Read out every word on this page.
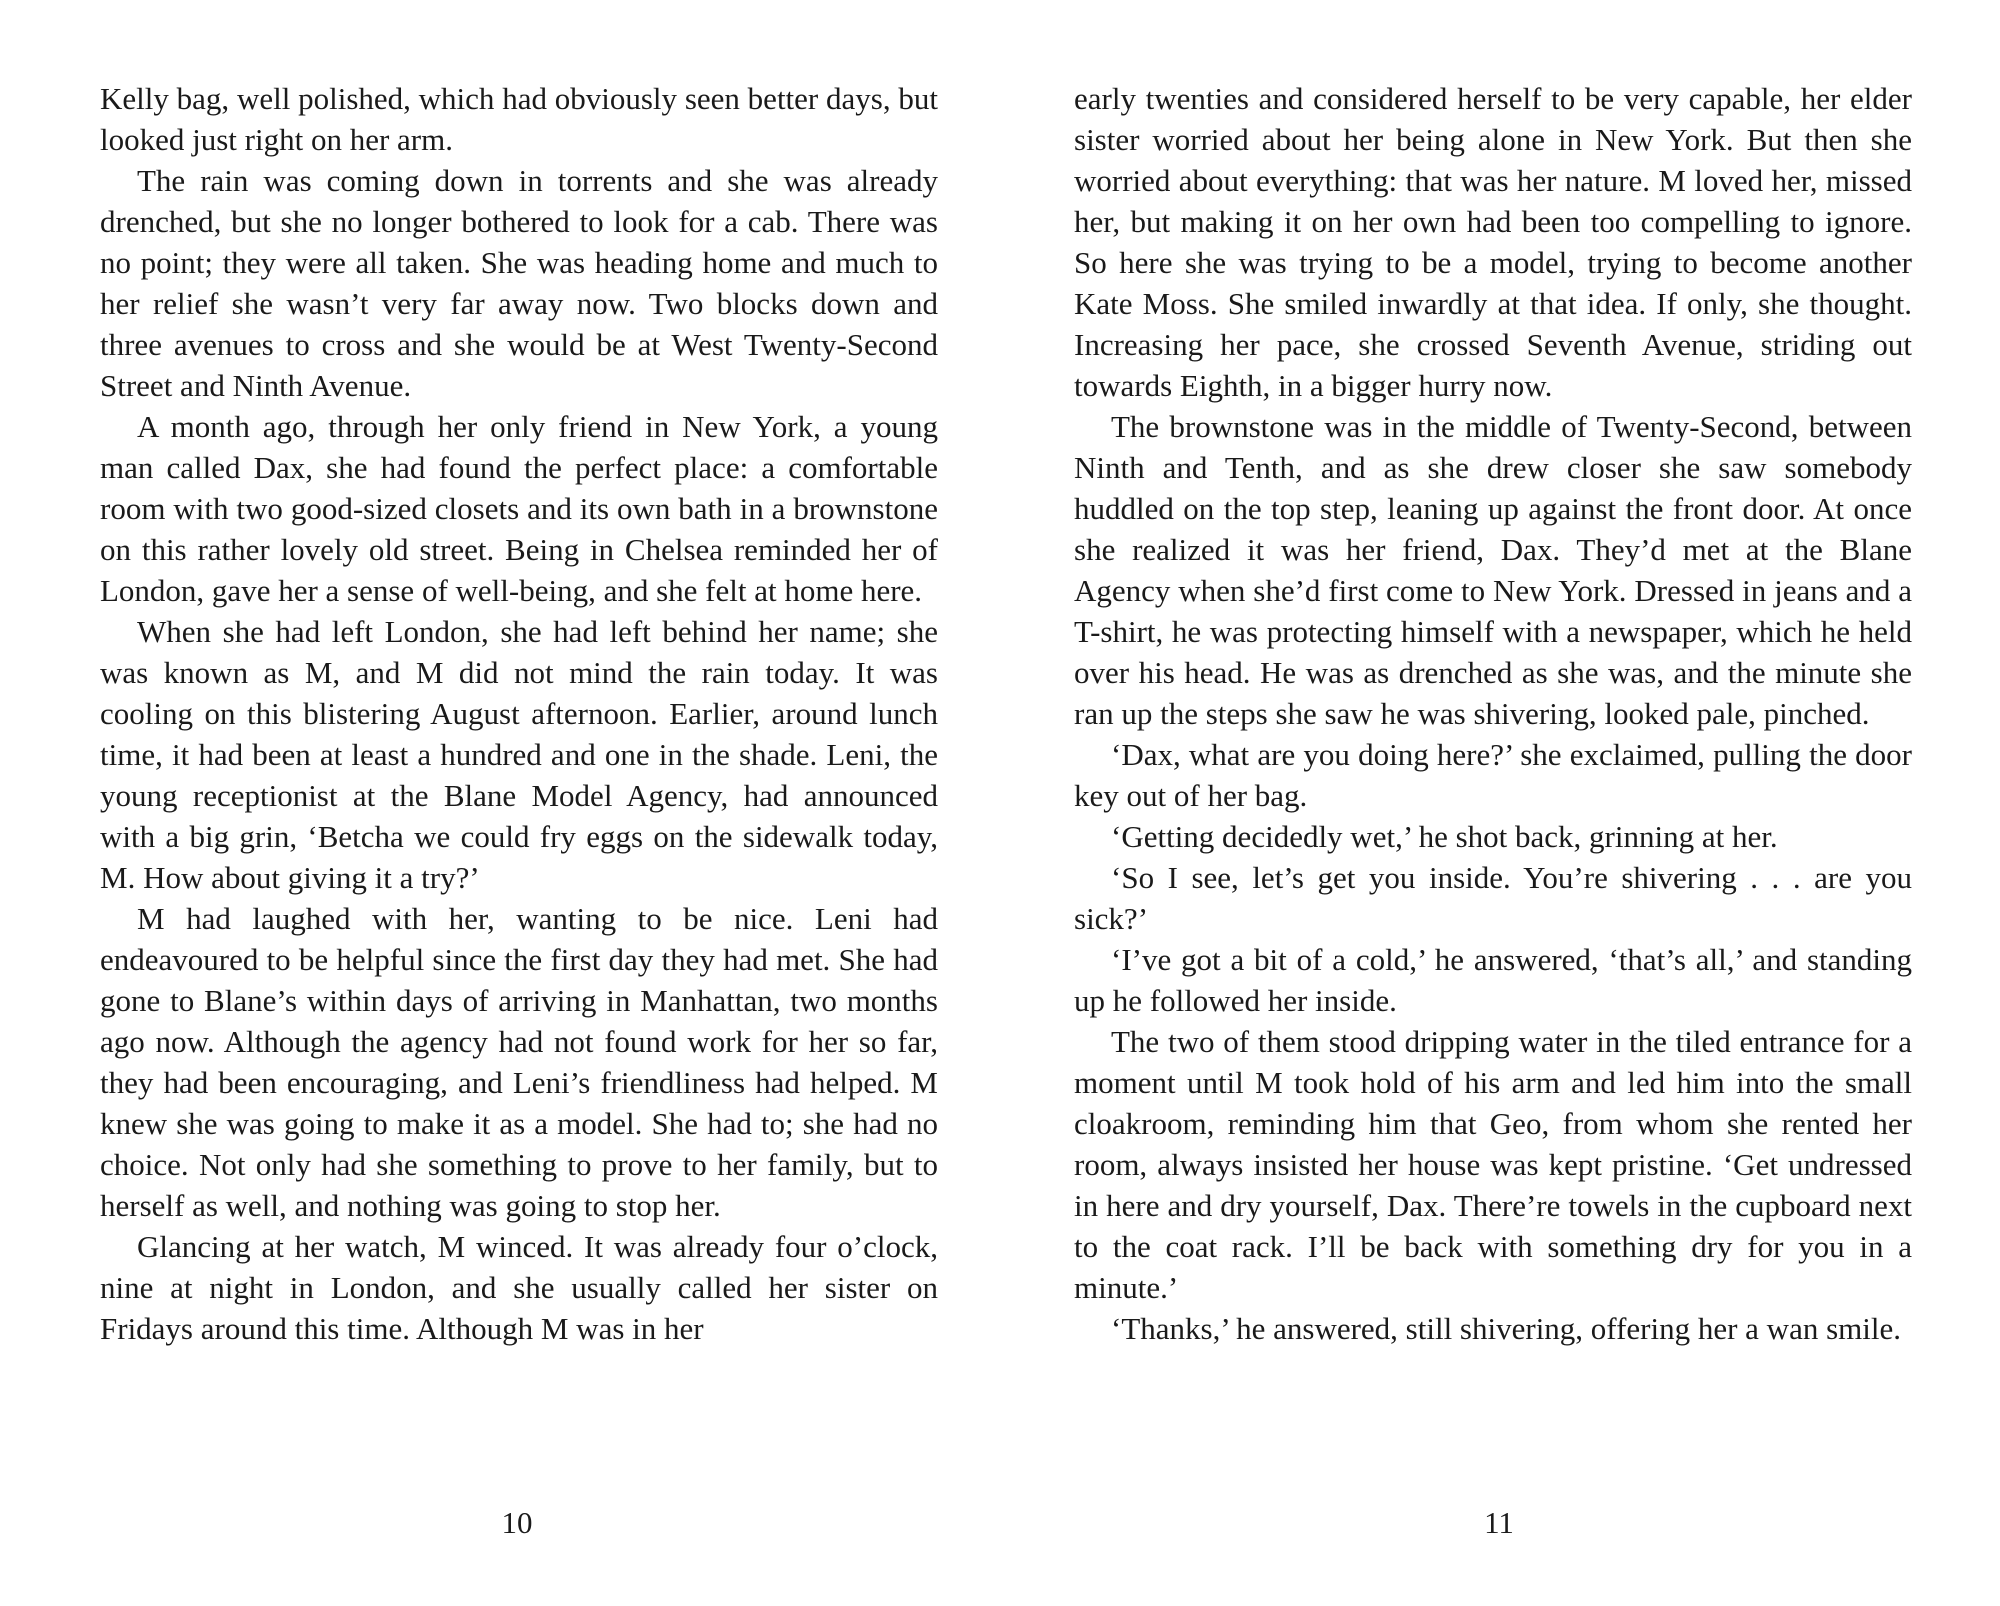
Kelly bag, well polished, which had obviously seen better days, but looked just right on her arm.

The rain was coming down in torrents and she was already drenched, but she no longer bothered to look for a cab. There was no point; they were all taken. She was heading home and much to her relief she wasn’t very far away now. Two blocks down and three avenues to cross and she would be at West Twenty-Second Street and Ninth Avenue.

A month ago, through her only friend in New York, a young man called Dax, she had found the perfect place: a comfortable room with two good-sized closets and its own bath in a brownstone on this rather lovely old street. Being in Chelsea reminded her of London, gave her a sense of well-being, and she felt at home here.

When she had left London, she had left behind her name; she was known as M, and M did not mind the rain today. It was cooling on this blistering August afternoon. Earlier, around lunch time, it had been at least a hundred and one in the shade. Leni, the young receptionist at the Blane Model Agency, had announced with a big grin, ‘Betcha we could fry eggs on the sidewalk today, M. How about giving it a try?’

M had laughed with her, wanting to be nice. Leni had endeavoured to be helpful since the first day they had met. She had gone to Blane’s within days of arriving in Manhattan, two months ago now. Although the agency had not found work for her so far, they had been encouraging, and Leni’s friendliness had helped. M knew she was going to make it as a model. She had to; she had no choice. Not only had she something to prove to her family, but to herself as well, and nothing was going to stop her.

Glancing at her watch, M winced. It was already four o’clock, nine at night in London, and she usually called her sister on Fridays around this time. Although M was in her

10

early twenties and considered herself to be very capable, her elder sister worried about her being alone in New York. But then she worried about everything: that was her nature. M loved her, missed her, but making it on her own had been too compelling to ignore. So here she was trying to be a model, trying to become another Kate Moss. She smiled inwardly at that idea. If only, she thought. Increasing her pace, she crossed Seventh Avenue, striding out towards Eighth, in a bigger hurry now.

The brownstone was in the middle of Twenty-Second, between Ninth and Tenth, and as she drew closer she saw somebody huddled on the top step, leaning up against the front door. At once she realized it was her friend, Dax. They’d met at the Blane Agency when she’d first come to New York. Dressed in jeans and a T-shirt, he was protecting himself with a newspaper, which he held over his head. He was as drenched as she was, and the minute she ran up the steps she saw he was shivering, looked pale, pinched.

‘Dax, what are you doing here?’ she exclaimed, pulling the door key out of her bag.

‘Getting decidedly wet,’ he shot back, grinning at her.

‘So I see, let’s get you inside. You’re shivering . . . are you sick?’

‘I’ve got a bit of a cold,’ he answered, ‘that’s all,’ and standing up he followed her inside.

The two of them stood dripping water in the tiled entrance for a moment until M took hold of his arm and led him into the small cloakroom, reminding him that Geo, from whom she rented her room, always insisted her house was kept pristine. ‘Get undressed in here and dry yourself, Dax. There’re towels in the cupboard next to the coat rack. I’ll be back with something dry for you in a minute.’

‘Thanks,’ he answered, still shivering, offering her a wan smile.

11
